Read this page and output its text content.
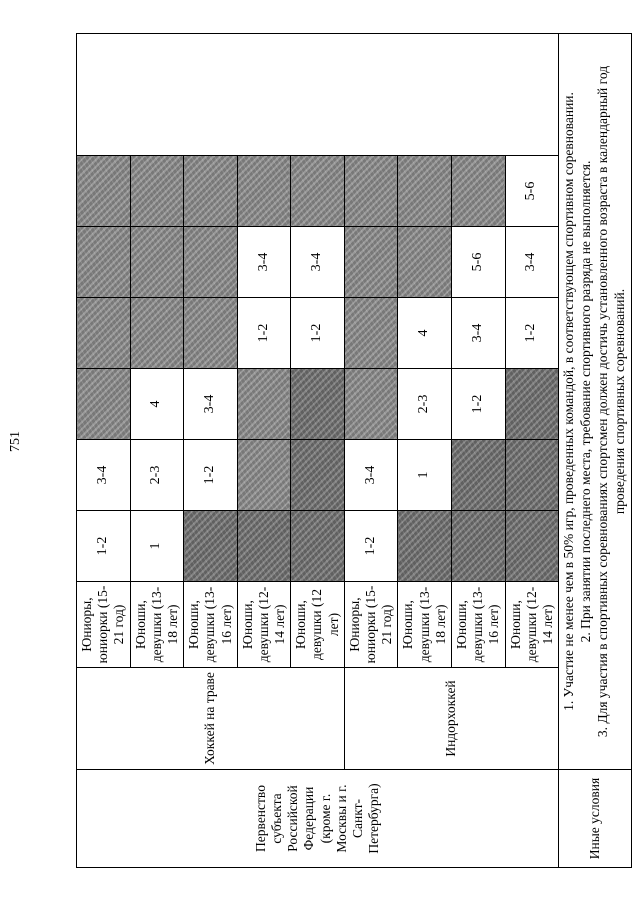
751
Первенство субъекта Российской Федерации (кроме г. Москвы и г. Санкт-Петербурга)	Хоккей на траве	Юниоры, юниорки (15-21 год)	1-2	3-4					
		Юноши, девушки (13-18 лет)	1	2-3	4				
		Юноши, девушки (13-16 лет)		1-2	3-4				
		Юноши, девушки (12-14 лет)				1-2	3-4		
		Юноши, девушки (12 лет)				1-2	3-4		
	Индорхоккей	Юниоры, юниорки (15-21 год)	1-2	3-4					
		Юноши, девушки (13-18 лет)		1	2-3	4			
		Юноши, девушки (13-16 лет)			1-2	3-4	5-6		
		Юноши, девушки (12-14 лет)				1-2	3-4	5-6	
Иные условия	1. Участие не менее чем в 50% игр, проведенных командой, в соответствующем спортивном соревновании. 2. При занятии последнего места, требование спортивного разряда не выполняется. 3. Для участия в спортивных соревнованиях спортсмен должен достичь установленного возраста в календарный год проведения спортивных соревнований.								
